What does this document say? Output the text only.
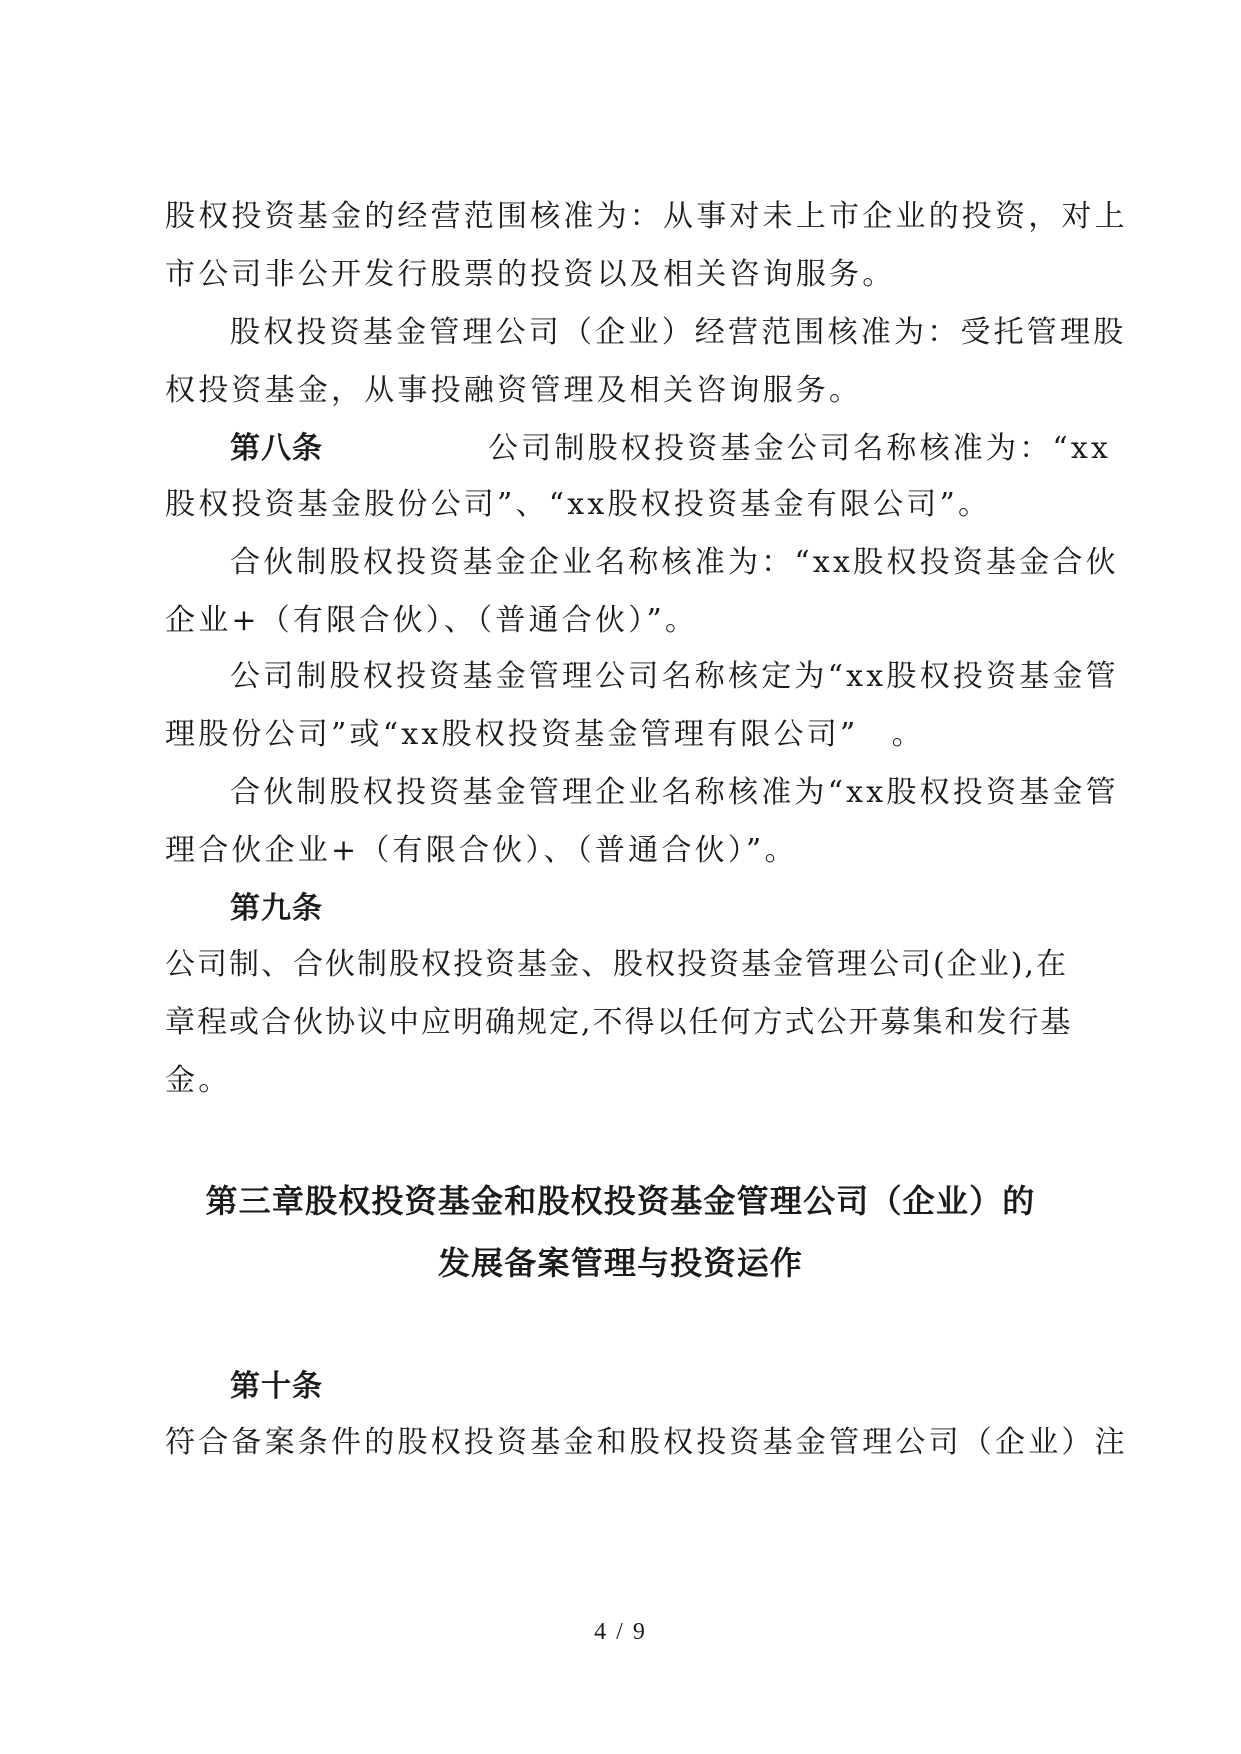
股权投资基金的经营范围核准为：从事对未上市企业的投资，对上
市公司非公开发行股票的投资以及相关咨询服务。
股权投资基金管理公司（企业）经营范围核准为：受托管理股
权投资基金，从事投融资管理及相关咨询服务。
第八条	公司制股权投资基金公司名称核准为：“xx
股权投资基金股份公司”、“xx股权投资基金有限公司”。
合伙制股权投资基金企业名称核准为：“xx股权投资基金合伙
企业+（有限合伙）、（普通合伙）”。
公司制股权投资基金管理公司名称核定为“xx股权投资基金管
理股份公司”或“xx股权投资基金管理有限公司”　。
合伙制股权投资基金管理企业名称核准为“xx股权投资基金管
理合伙企业+（有限合伙）、（普通合伙）”。
第九条
公司制、合伙制股权投资基金、股权投资基金管理公司(企业),在
章程或合伙协议中应明确规定,不得以任何方式公开募集和发行基
金。
第三章股权投资基金和股权投资基金管理公司（企业）的
发展备案管理与投资运作
第十条
符合备案条件的股权投资基金和股权投资基金管理公司（企业）注
4 / 9
